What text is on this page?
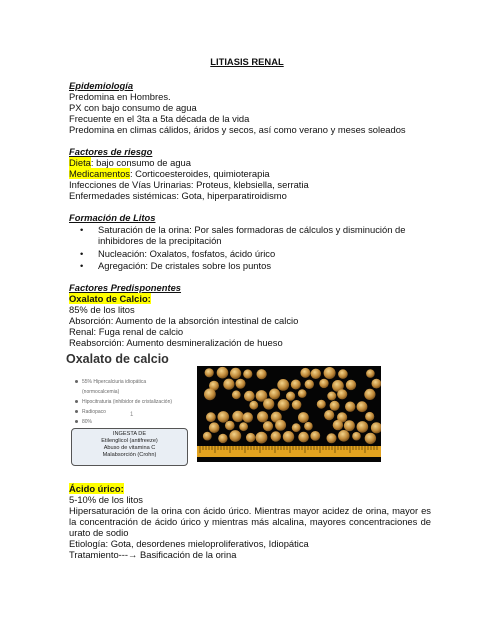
LITIASIS RENAL
Epidemiología
Predomina en Hombres.
PX con bajo consumo de agua
Frecuente en el 3ta a 5ta década de la vida
Predomina en climas cálidos, áridos y secos, así como verano y meses soleados
Factores de riesgo
Dieta: bajo consumo de agua
Medicamentos: Corticoesteroides, quimioterapia
Infecciones de Vías Urinarias: Proteus, klebsiella, serratia
Enfermedades sistémicas: Gota, hiperparatiroidismo
Formación de Litos
•	Saturación de la orina: Por sales formadoras de cálculos y disminución de inhibidores de la precipitación
•	Nucleación: Oxalatos, fosfatos, ácido úrico
•	Agregación: De cristales sobre los puntos
Factores Predisponentes
Oxalato de Calcio:
85% de los litos
Absorción: Aumento de la absorción intestinal de calcio
Renal: Fuga renal de calcio
Reabsorción: Aumento desmineralización de hueso
Oxalato de calcio
55% Hipercalciuria idiopática
(normocalcemia)
Hipocitraturia (inhibidor de cristalización)
Radiopaco
80%
1
INGESTA DE
Etilenglicol (antifreeze)
Abuso de vitamina C
Malabsorción (Crohn)
Ácido úrico:
5-10% de los litos
Hipersaturación de la orina con ácido úrico. Mientras mayor acidez de orina, mayor es la concentración de ácido úrico y mientras más alcalina, mayores concentraciones de urato de sodio
Etiología: Gota, desordenes mieloproliferativos, Idiopática
Tratamiento---→ Basificación de la orina
